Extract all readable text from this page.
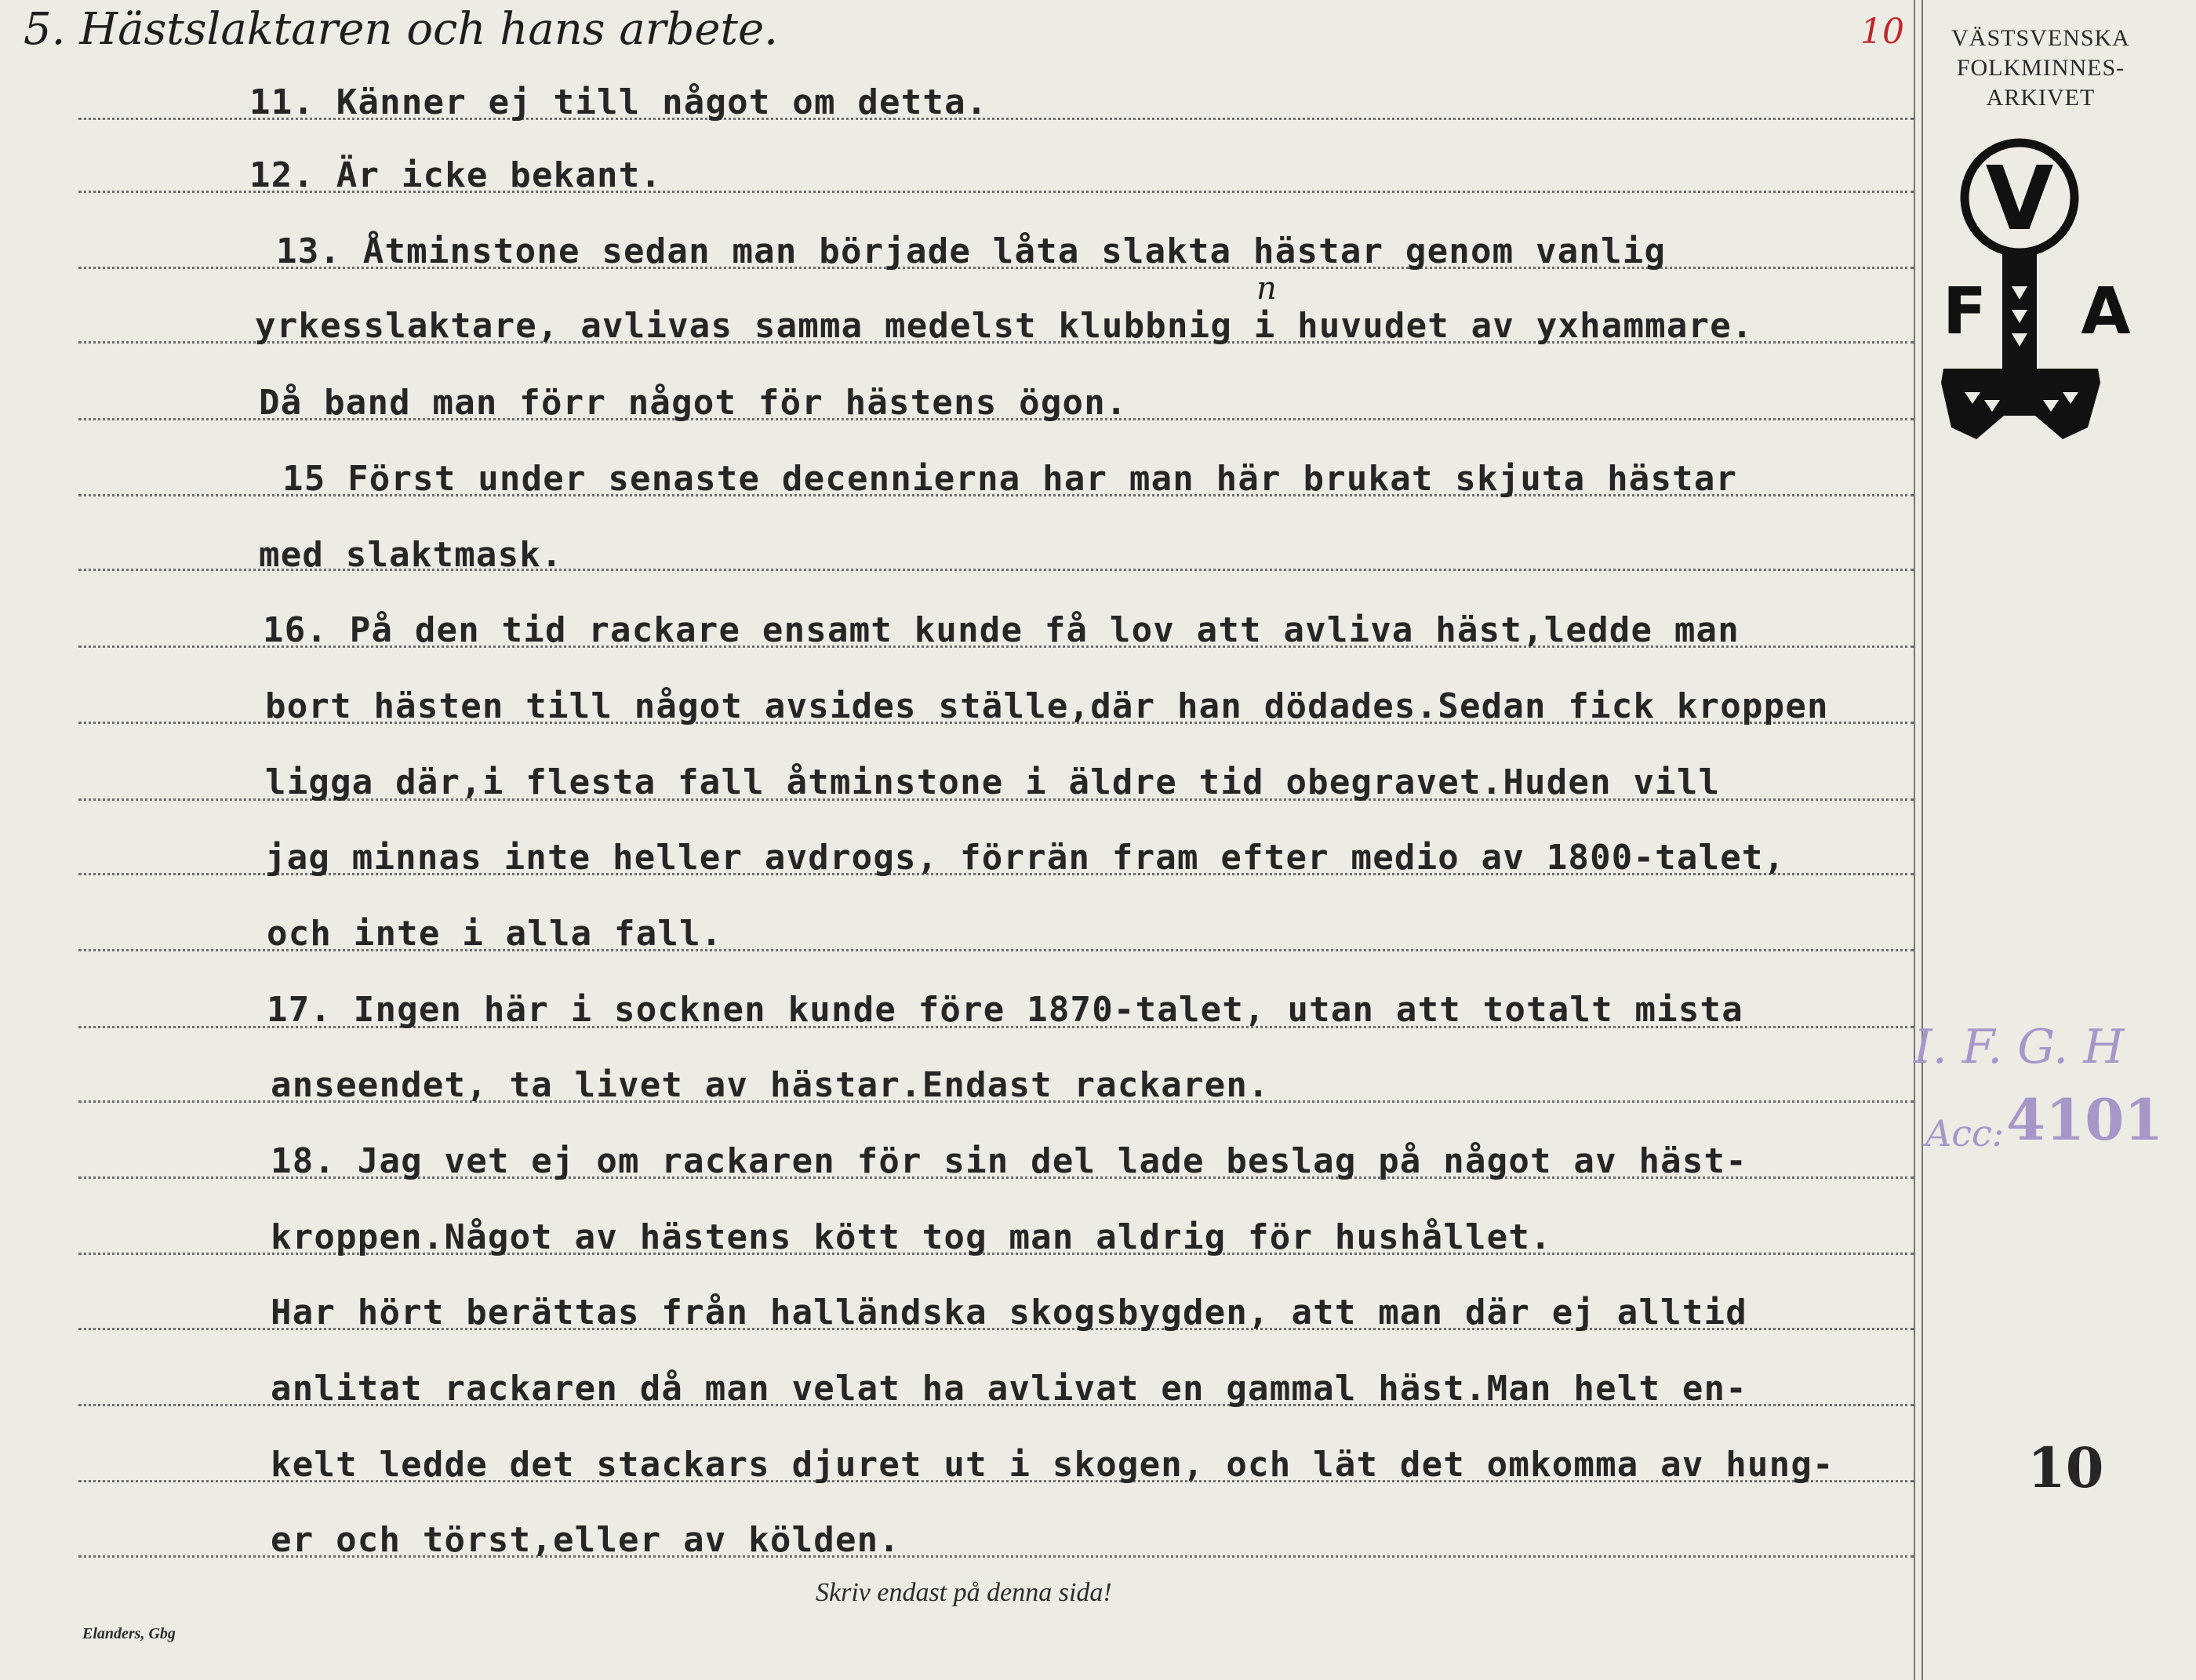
5. Hästslaktaren och hans arbete.	10	VÄSTSVENSKA
FOLKMINNES-
ARKIVET
V
F A
11. Känner ej till något om detta.
12. Är icke bekant.
13. Åtminstone sedan man började låta slakta hästar genom vanlig
yrkesslaktare, avlivas samma medelst klubbnig i huvudet av yxhammare.
Då band man förr något för hästens ögon.
15 Först under senaste decennierna har man här brukat skjuta hästar
med slaktmask.
16. På den tid rackare ensamt kunde få lov att avliva häst,ledde man
bort hästen till något avsides ställe,där han dödades.Sedan fick kroppen
ligga där,i flesta fall åtminstone i äldre tid obegravet.Huden vill
jag minnas inte heller avdrogs, förrän fram efter medio av 1800-talet,
och inte i alla fall.
17. Ingen här i socknen kunde före 1870-talet, utan att totalt mista
anseendet, ta livet av hästar.Endast rackaren.
18. Jag vet ej om rackaren för sin del lade beslag på något av häst-
kroppen.Något av hästens kött tog man aldrig för hushållet.
Har hört berättas från halländska skogsbygden, att man där ej alltid
anlitat rackaren då man velat ha avlivat en gammal häst.Man helt en-
kelt ledde det stackars djuret ut i skogen, och lät det omkomma av hung-
er och törst,eller av kölden.
n
I. F. G. H
Acc: 4101
10
Skriv endast på denna sida!
Elanders, Gbg
